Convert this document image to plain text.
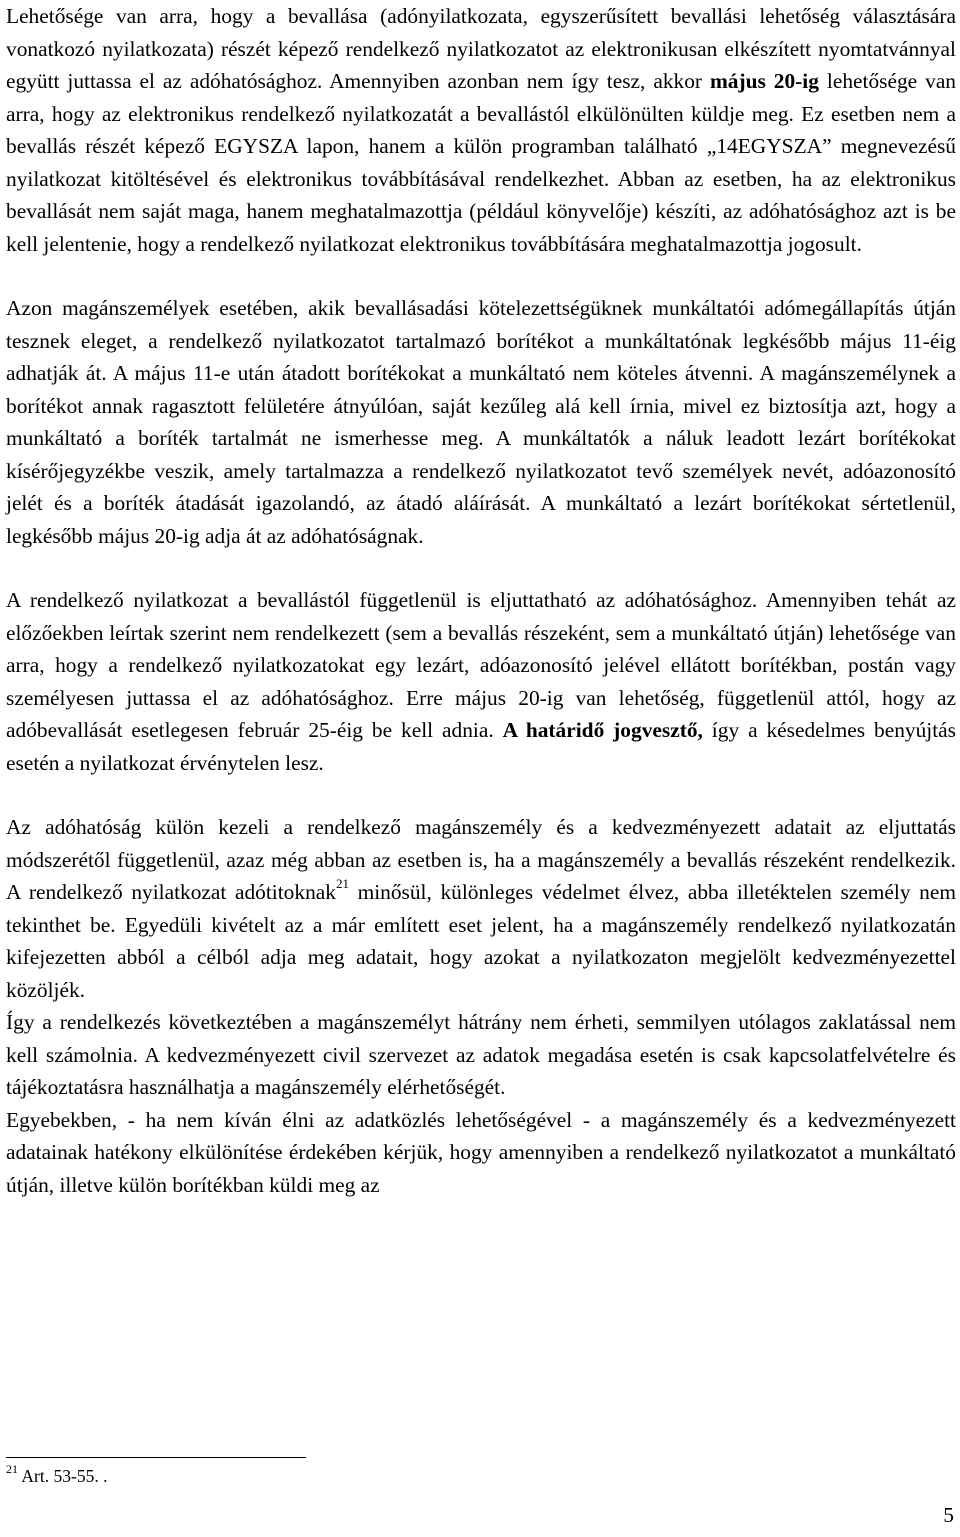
Lehetősége van arra, hogy a bevallása (adónyilatkozata, egyszerűsített bevallási lehetőség választására vonatkozó nyilatkozata) részét képező rendelkező nyilatkozatot az elektronikusan elkészített nyomtatvánnyal együtt juttassa el az adóhatósághoz. Amennyiben azonban nem így tesz, akkor május 20-ig lehetősége van arra, hogy az elektronikus rendelkező nyilatkozatát a bevallástól elkülönülten küldje meg. Ez esetben nem a bevallás részét képező EGYSZA lapon, hanem a külön programban található „14EGYSZA” megnevezésű nyilatkozat kitöltésével és elektronikus továbbításával rendelkezhet. Abban az esetben, ha az elektronikus bevallását nem saját maga, hanem meghatalmazottja (például könyvelője) készíti, az adóhatósághoz azt is be kell jelentenie, hogy a rendelkező nyilatkozat elektronikus továbbítására meghatalmazottja jogosult.

Azon magánszemélyek esetében, akik bevallásadási kötelezettségüknek munkáltatói adómegállapítás útján tesznek eleget, a rendelkező nyilatkozatot tartalmazó borítékot a munkáltatónak legkésőbb május 11-éig adhatják át. A május 11-e után átadott borítékokat a munkáltató nem köteles átvenni. A magánszemélynek a borítékot annak ragasztott felületére átnyúlóan, saját kezűleg alá kell írnia, mivel ez biztosítja azt, hogy a munkáltató a boríték tartalmát ne ismerhesse meg. A munkáltatók a náluk leadott lezárt borítékokat kísérőjegyzékbe veszik, amely tartalmazza a rendelkező nyilatkozatot tevő személyek nevét, adóazonosító jelét és a boríték átadását igazolandó, az átadó aláírását. A munkáltató a lezárt borítékokat sértetlenül, legkésőbb május 20-ig adja át az adóhatóságnak.

A rendelkező nyilatkozat a bevallástól függetlenül is eljuttatható az adóhatósághoz. Amennyiben tehát az előzőekben leírtak szerint nem rendelkezett (sem a bevallás részeként, sem a munkáltató útján) lehetősége van arra, hogy a rendelkező nyilatkozatokat egy lezárt, adóazonosító jelével ellátott borítékban, postán vagy személyesen juttassa el az adóhatósághoz. Erre május 20-ig van lehetőség, függetlenül attól, hogy az adóbevallását esetlegesen február 25-éig be kell adnia. A határidő jogvesztő, így a késedelmes benyújtás esetén a nyilatkozat érvénytelen lesz.

Az adóhatóság külön kezeli a rendelkező magánszemély és a kedvezményezett adatait az eljuttatás módszerétől függetlenül, azaz még abban az esetben is, ha a magánszemély a bevallás részeként rendelkezik. A rendelkező nyilatkozat adótitoknak$^{21}$ minősül, különleges védelmet élvez, abba illetéktelen személy nem tekinthet be. Egyedüli kivételt az a már említett eset jelent, ha a magánszemély rendelkező nyilatkozatán kifejezetten abból a célból adja meg adatait, hogy azokat a nyilatkozaton megjelölt kedvezményezettel közöljék.

Így a rendelkezés következtében a magánszemélyt hátrány nem érheti, semmilyen utólagos zaklatással nem kell számolnia. A kedvezményezett civil szervezet az adatok megadása esetén is csak kapcsolatfelvételre és tájékoztatásra használhatja a magánszemély elérhetőségét.

Egyebekben, - ha nem kíván élni az adatközlés lehetőségével - a magánszemély és a kedvezményezett adatainak hatékony elkülönítése érdekében kérjük, hogy amennyiben a rendelkező nyilatkozatot a munkáltató útján, illetve külön borítékban küldi meg az

$^{21}$ Art. 53-55. .
5
